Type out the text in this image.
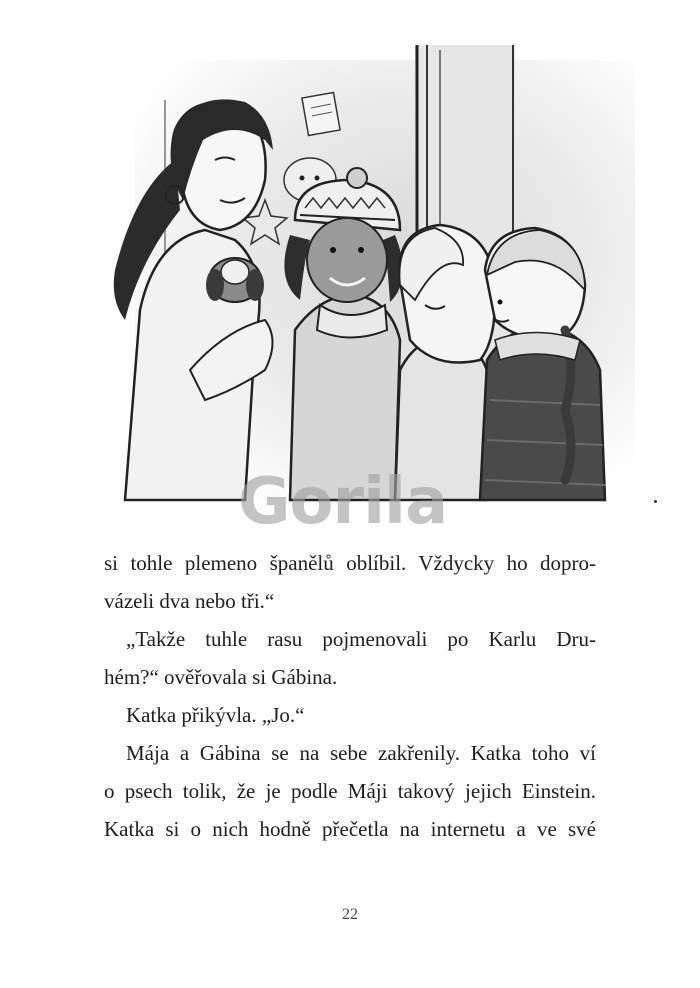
Gorila
si tohle plemeno španělů oblíbil. Vždycky ho dopro-
vázeli dva nebo tři.“
„Takže tuhle rasu pojmenovali po Karlu Dru-
hém?“ ověřovala si Gábina.
Katka přikývla. „Jo.“
Mája a Gábina se na sebe zakřenily. Katka toho ví
o psech tolik, že je podle Máji takový jejich Einstein.
Katka si o nich hodně přečetla na internetu a ve své
22
